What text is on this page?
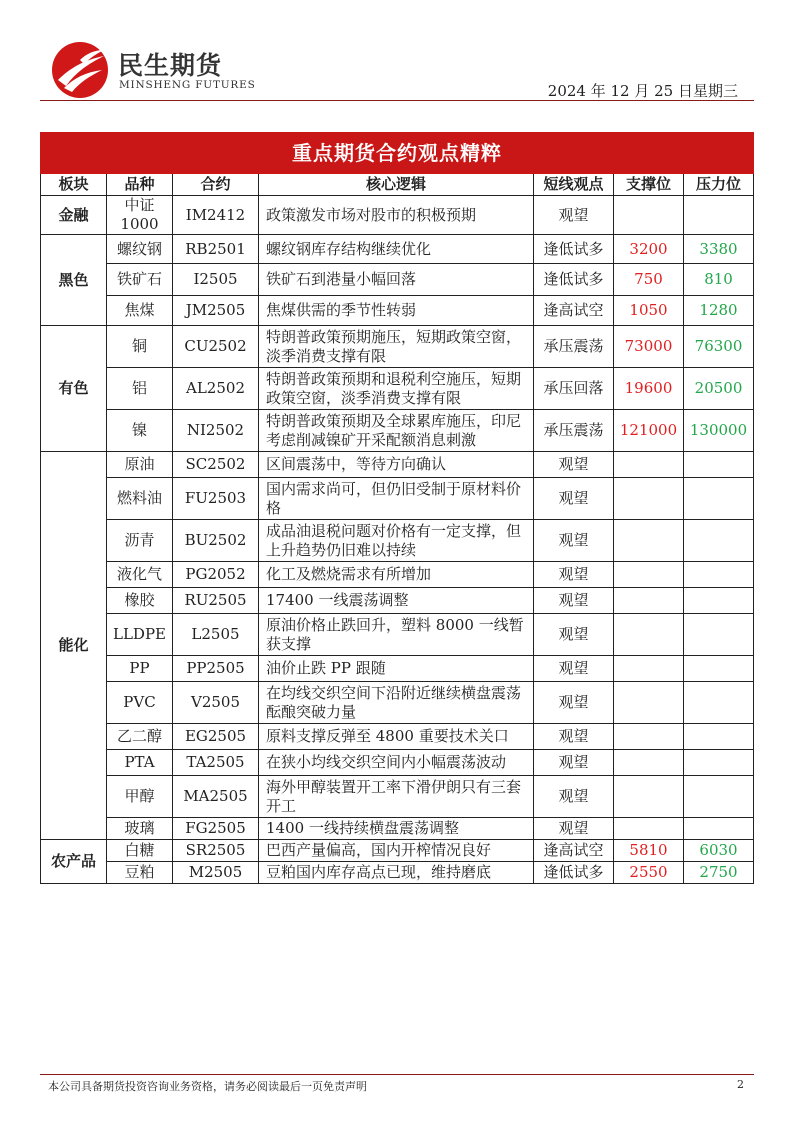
民生期货
MINSHENG FUTURES	2024 年 12 月 25 日星期三
重点期货合约观点精粹						
板块	品种	合约	核心逻辑	短线观点	支撑位	压力位
金融	中证 1000	IM2412	政策激发市场对股市的积极预期	观望		
黑色	螺纹钢	RB2501	螺纹钢库存结构继续优化	逢低试多	3200	3380
	铁矿石	I2505	铁矿石到港量小幅回落	逢低试多	750	810
	焦煤	JM2505	焦煤供需的季节性转弱	逢高试空	1050	1280
有色	铜	CU2502	特朗普政策预期施压，短期政策空窗，淡季消费支撑有限	承压震荡	73000	76300
	铝	AL2502	特朗普政策预期和退税利空施压，短期政策空窗，淡季消费支撑有限	承压回落	19600	20500
	镍	NI2502	特朗普政策预期及全球累库施压，印尼考虑削减镍矿开采配额消息刺激	承压震荡	121000	130000
能化	原油	SC2502	区间震荡中，等待方向确认	观望		
	燃料油	FU2503	国内需求尚可，但仍旧受制于原材料价格	观望		
	沥青	BU2502	成品油退税问题对价格有一定支撑，但上升趋势仍旧难以持续	观望		
	液化气	PG2052	化工及燃烧需求有所增加	观望		
	橡胶	RU2505	17400 一线震荡调整	观望		
	LLDPE	L2505	原油价格止跌回升，塑料 8000 一线暂获支撑	观望		
	PP	PP2505	油价止跌 PP 跟随	观望		
	PVC	V2505	在均线交织空间下沿附近继续横盘震荡酝酿突破力量	观望		
	乙二醇	EG2505	原料支撑反弹至 4800 重要技术关口	观望		
	PTA	TA2505	在狭小均线交织空间内小幅震荡波动	观望		
	甲醇	MA2505	海外甲醇装置开工率下滑伊朗只有三套开工	观望		
	玻璃	FG2505	1400 一线持续横盘震荡调整	观望		
农产品	白糖	SR2505	巴西产量偏高，国内开榨情况良好	逢高试空	5810	6030
	豆粕	M2505	豆粕国内库存高点已现，维持磨底	逢低试多	2550	2750
本公司具备期货投资咨询业务资格，请务必阅读最后一页免责声明	2
